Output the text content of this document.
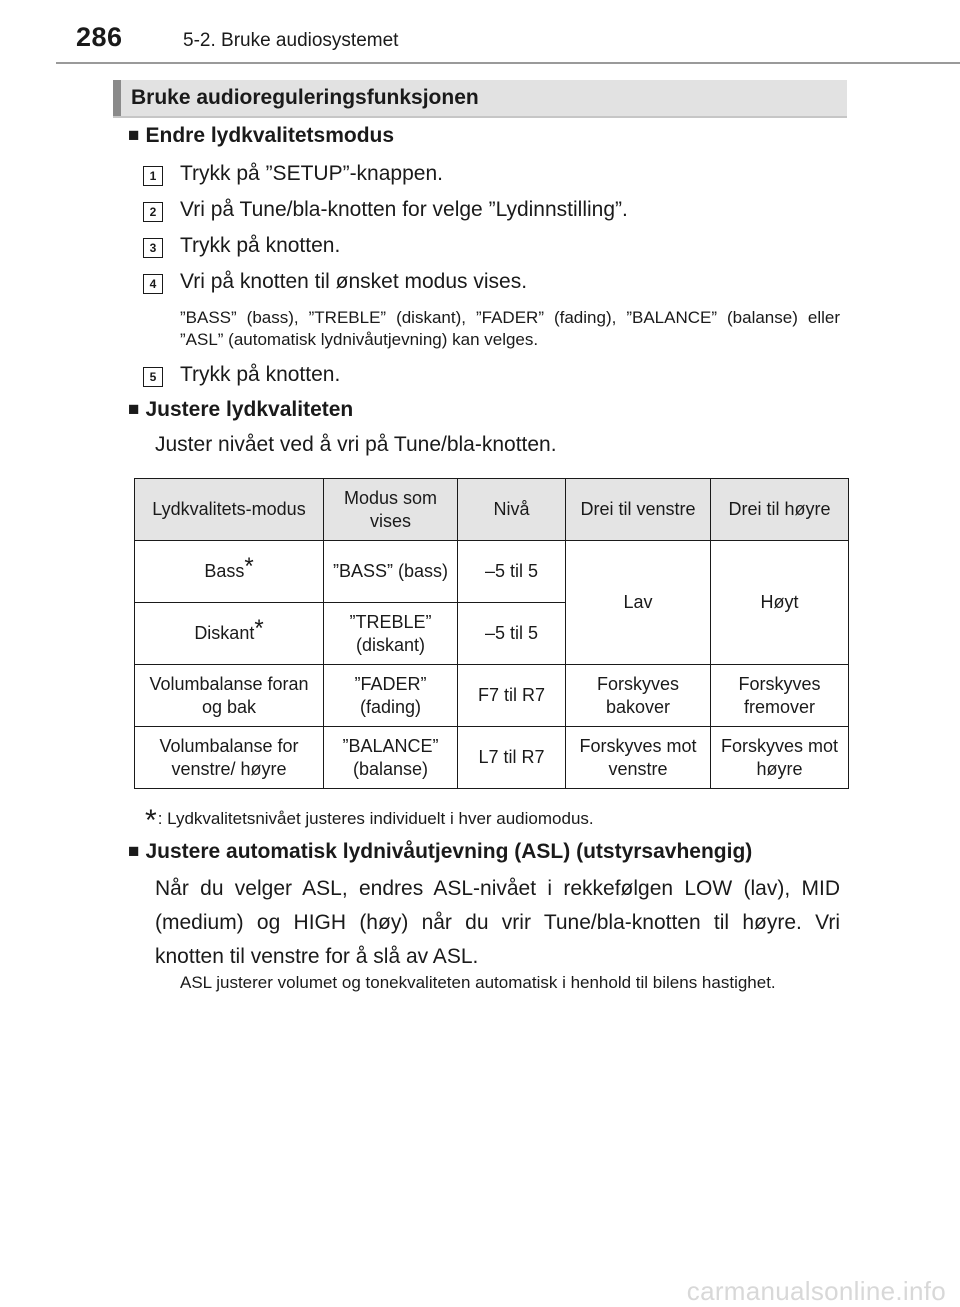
286	5-2. Bruke audiosystemet
Bruke audioreguleringsfunksjonen
■ Endre lydkvalitetsmodus
1	Trykk på ”SETUP”-knappen.
2	Vri på Tune/bla-knotten for velge ”Lydinnstilling”.
3	Trykk på knotten.
4	Vri på knotten til ønsket modus vises.
”BASS” (bass), ”TREBLE” (diskant), ”FADER” (fading), ”BALANCE” (balanse) eller ”ASL” (automatisk lydnivåutjevning) kan velges.
5	Trykk på knotten.
■ Justere lydkvaliteten
Juster nivået ved å vri på Tune/bla-knotten.
Lydkvalitets-modus	Modus som vises	Nivå	Drei til venstre	Drei til høyre
Bass*	”BASS” (bass)	–5 til 5	Lav	Høyt
Diskant*	”TREBLE” (diskant)	–5 til 5		
Volumbalanse foran og bak	”FADER” (fading)	F7 til R7	Forskyves bakover	Forskyves fremover
Volumbalanse for venstre/ høyre	”BALANCE” (balanse)	L7 til R7	Forskyves mot venstre	Forskyves mot høyre
*: Lydkvalitetsnivået justeres individuelt i hver audiomodus.
■ Justere automatisk lydnivåutjevning (ASL) (utstyrsavhengig)
Når du velger ASL, endres ASL-nivået i rekkefølgen LOW (lav), MID (medium) og HIGH (høy) når du vrir Tune/bla-knotten til høyre. Vri knotten til venstre for å slå av ASL.
ASL justerer volumet og tonekvaliteten automatisk i henhold til bilens hastighet.
carmanualsonline.info
